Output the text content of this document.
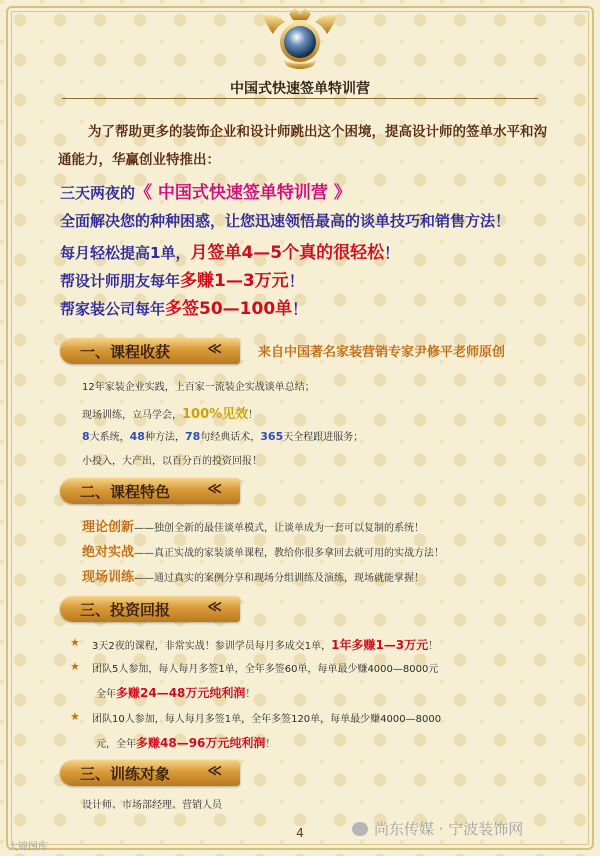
中国式快速签单特训营
为了帮助更多的装饰企业和设计师跳出这个困境，提高设计师的签单水平和沟通能力，华赢创业特推出：
三天两夜的《 中国式快速签单特训营 》
全面解决您的种种困惑，让您迅速领悟最高的谈单技巧和销售方法！
每月轻松提高1单，月签单4—5个真的很轻松！
帮设计师朋友每年多赚1—3万元！
帮家装公司每年多签50—100单！
一、课程收获	≪	来自中国著名家装营销专家尹修平老师原创
12年家装企业实践，上百家一流装企实战谈单总结；
现场训练，立马学会，100%见效！
8大系统，48种方法，78句经典话术，365天全程跟进服务；
小投入，大产出，以百分百的投资回报！
二、课程特色	≪
理论创新——独创全新的最佳谈单模式，让谈单成为一套可以复制的系统！
绝对实战——真正实战的家装谈单课程，教给你很多拿回去就可用的实战方法！
现场训练——通过真实的案例分享和现场分组训练及演练，现场就能掌握！
三、投资回报	≪
★ 3天2夜的课程，非常实战！参训学员每月多成交1单，1年多赚1—3万元！
★ 团队5人参加，每人每月多签1单，全年多签60单，每单最少赚4000—8000元
全年多赚24—48万元纯利润！
★ 团队10人参加，每人每月多签1单，全年多签120单，每单最少赚4000—8000
元，全年多赚48—96万元纯利润！
三、训练对象	≪
设计师、市场部经理、营销人员
4
大锦图库
尚东传媒 · 宁波装饰网
